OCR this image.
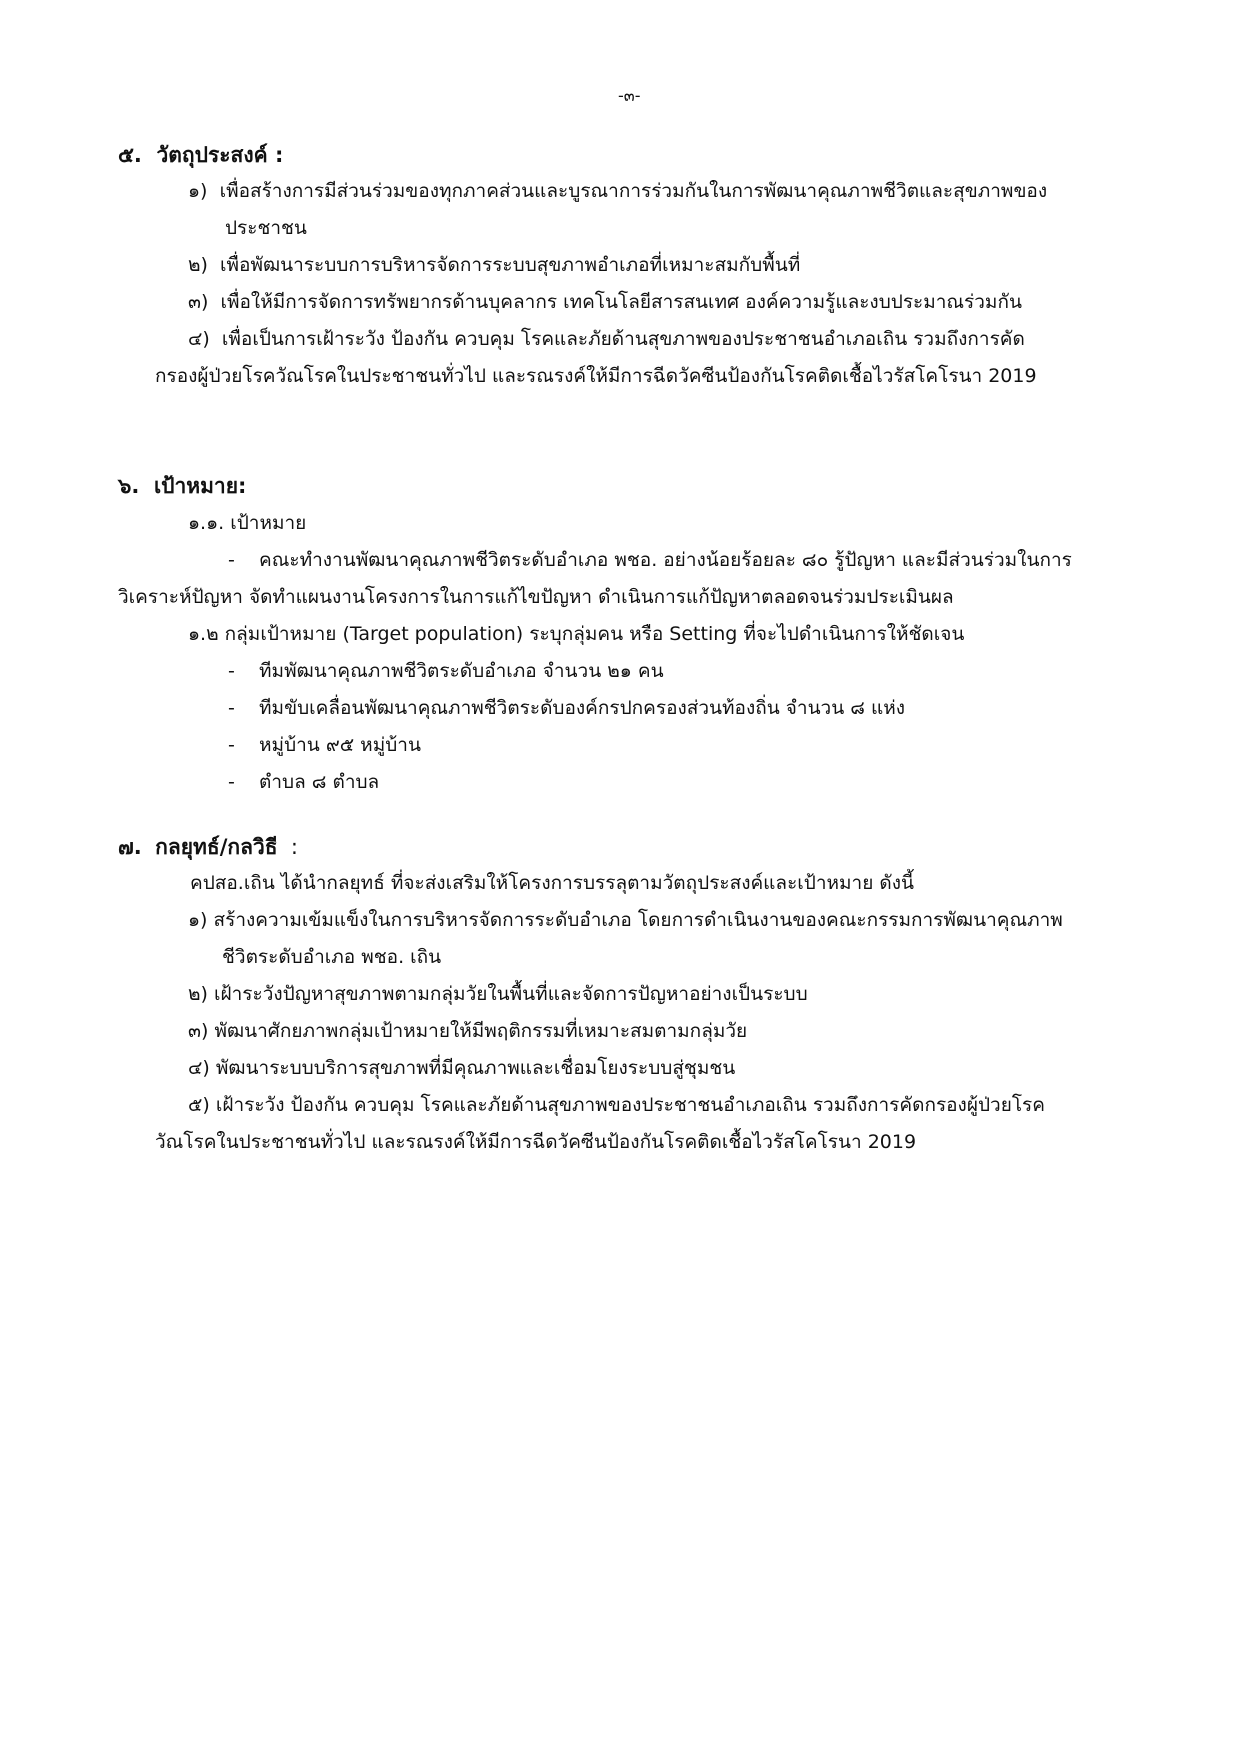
-๓-
๕. วัตถุประสงค์ :
๑) เพื่อสร้างการมีส่วนร่วมของทุกภาคส่วนและบูรณาการร่วมกันในการพัฒนาคุณภาพชีวิตและสุขภาพของ
ประชาชน
๒) เพื่อพัฒนาระบบการบริหารจัดการระบบสุขภาพอำเภอที่เหมาะสมกับพื้นที่
๓) เพื่อให้มีการจัดการทรัพยากรด้านบุคลากร เทคโนโลยีสารสนเทศ องค์ความรู้และงบประมาณร่วมกัน
๔) เพื่อเป็นการเฝ้าระวัง ป้องกัน ควบคุม โรคและภัยด้านสุขภาพของประชาชนอำเภอเถิน รวมถึงการคัด
กรองผู้ป่วยโรควัณโรคในประชาชนทั่วไป และรณรงค์ให้มีการฉีดวัคซีนป้องกันโรคติดเชื้อไวรัสโคโรนา 2019
๖. เป้าหมาย:
๑.๑. เป้าหมาย
- คณะทำงานพัฒนาคุณภาพชีวิตระดับอำเภอ พชอ. อย่างน้อยร้อยละ ๘๐ รู้ปัญหา และมีส่วนร่วมในการ
วิเคราะห์ปัญหา จัดทำแผนงานโครงการในการแก้ไขปัญหา ดำเนินการแก้ปัญหาตลอดจนร่วมประเมินผล
๑.๒ กลุ่มเป้าหมาย (Target population) ระบุกลุ่มคน หรือ Setting ที่จะไปดำเนินการให้ชัดเจน
- ทีมพัฒนาคุณภาพชีวิตระดับอำเภอ จำนวน ๒๑ คน
- ทีมขับเคลื่อนพัฒนาคุณภาพชีวิตระดับองค์กรปกครองส่วนท้องถิ่น จำนวน ๘ แห่ง
- หมู่บ้าน ๙๕ หมู่บ้าน
- ตำบล ๘ ตำบล
๗. กลยุทธ์/กลวิธี :
คปสอ.เถิน ได้นำกลยุทธ์ ที่จะส่งเสริมให้โครงการบรรลุตามวัตถุประสงค์และเป้าหมาย ดังนี้
๑) สร้างความเข้มแข็งในการบริหารจัดการระดับอำเภอ โดยการดำเนินงานของคณะกรรมการพัฒนาคุณภาพ
ชีวิตระดับอำเภอ พชอ. เถิน
๒) เฝ้าระวังปัญหาสุขภาพตามกลุ่มวัยในพื้นที่และจัดการปัญหาอย่างเป็นระบบ
๓) พัฒนาศักยภาพกลุ่มเป้าหมายให้มีพฤติกรรมที่เหมาะสมตามกลุ่มวัย
๔) พัฒนาระบบบริการสุขภาพที่มีคุณภาพและเชื่อมโยงระบบสู่ชุมชน
๕) เฝ้าระวัง ป้องกัน ควบคุม โรคและภัยด้านสุขภาพของประชาชนอำเภอเถิน รวมถึงการคัดกรองผู้ป่วยโรค
วัณโรคในประชาชนทั่วไป และรณรงค์ให้มีการฉีดวัคซีนป้องกันโรคติดเชื้อไวรัสโคโรนา 2019
